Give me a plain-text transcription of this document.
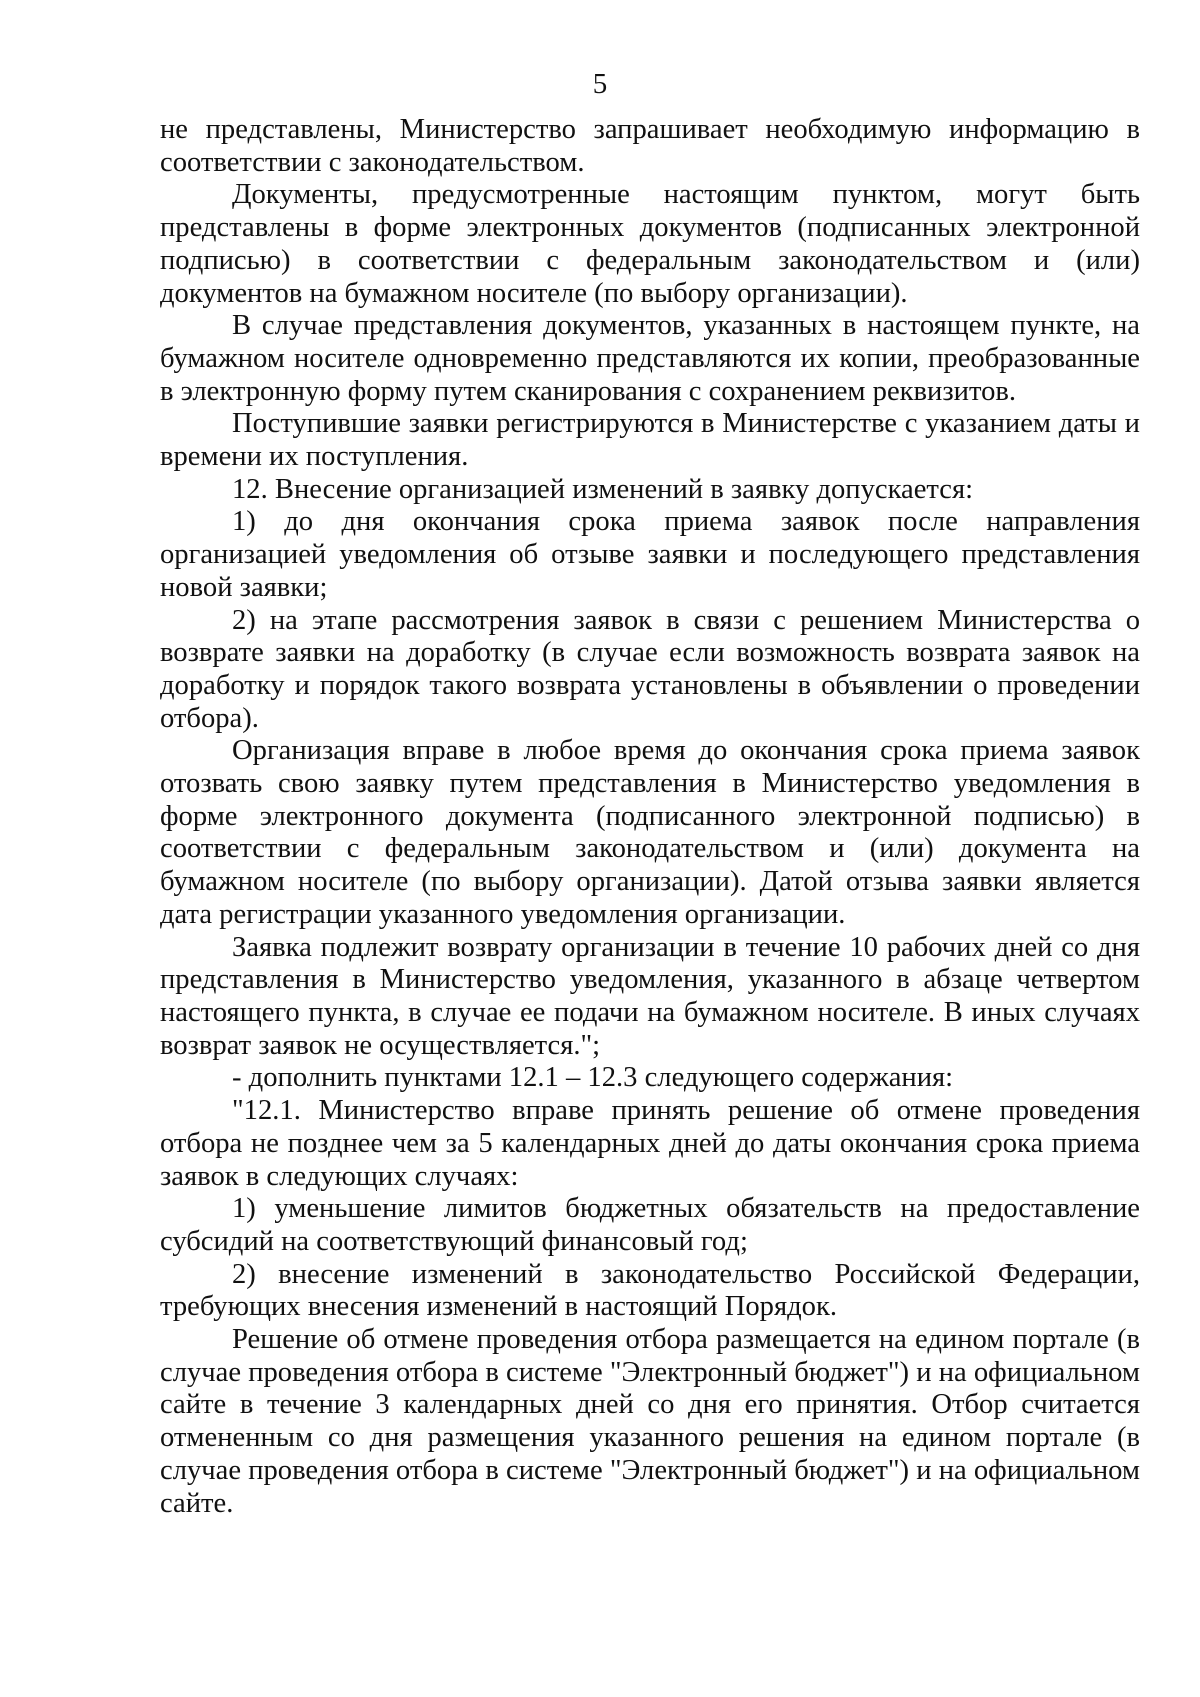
5

не представлены, Министерство запрашивает необходимую информацию в соответствии с законодательством.

Документы, предусмотренные настоящим пунктом, могут быть представлены в форме электронных документов (подписанных электронной подписью) в соответствии с федеральным законодательством и (или) документов на бумажном носителе (по выбору организации).

В случае представления документов, указанных в настоящем пункте, на бумажном носителе одновременно представляются их копии, преобразованные в электронную форму путем сканирования с сохранением реквизитов.

Поступившие заявки регистрируются в Министерстве с указанием даты и времени их поступления.

12. Внесение организацией изменений в заявку допускается:

1) до дня окончания срока приема заявок после направления организацией уведомления об отзыве заявки и последующего представления новой заявки;

2) на этапе рассмотрения заявок в связи с решением Министерства о возврате заявки на доработку (в случае если возможность возврата заявок на доработку и порядок такого возврата установлены в объявлении о проведении отбора).

Организация вправе в любое время до окончания срока приема заявок отозвать свою заявку путем представления в Министерство уведомления в форме электронного документа (подписанного электронной подписью) в соответствии с федеральным законодательством и (или) документа на бумажном носителе (по выбору организации). Датой отзыва заявки является дата регистрации указанного уведомления организации.

Заявка подлежит возврату организации в течение 10 рабочих дней со дня представления в Министерство уведомления, указанного в абзаце четвертом настоящего пункта, в случае ее подачи на бумажном носителе. В иных случаях возврат заявок не осуществляется.";

- дополнить пунктами 12.1 – 12.3 следующего содержания:

"12.1. Министерство вправе принять решение об отмене проведения отбора не позднее чем за 5 календарных дней до даты окончания срока приема заявок в следующих случаях:

1) уменьшение лимитов бюджетных обязательств на предоставление субсидий на соответствующий финансовый год;

2) внесение изменений в законодательство Российской Федерации, требующих внесения изменений в настоящий Порядок.

Решение об отмене проведения отбора размещается на едином портале (в случае проведения отбора в системе "Электронный бюджет") и на официальном сайте в течение 3 календарных дней со дня его принятия. Отбор считается отмененным со дня размещения указанного решения на едином портале (в случае проведения отбора в системе "Электронный бюджет") и на официальном сайте.
